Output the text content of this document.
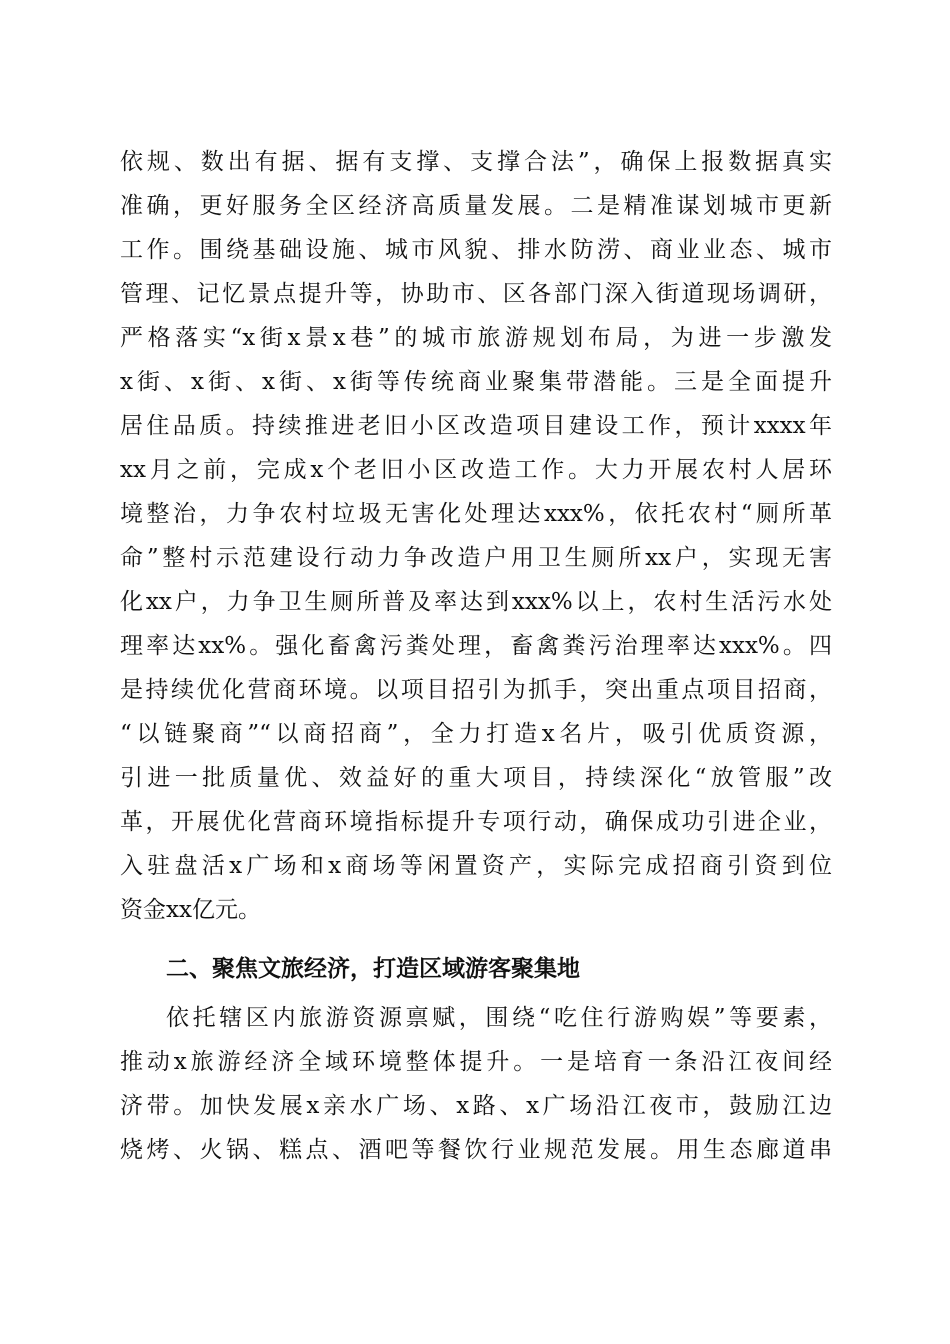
依规、数出有据、据有支撑、支撑合法”，确保上报数据真实
准确，更好服务全区经济高质量发展。二是精准谋划城市更新
工作。围绕基础设施、城市风貌、排水防涝、商业业态、城市
管理、记忆景点提升等，协助市、区各部门深入街道现场调研，
严格落实“x街x景x巷”的城市旅游规划布局，为进一步激发
x街、x街、x街、x街等传统商业聚集带潜能。三是全面提升
居住品质。持续推进老旧小区改造项目建设工作，预计xxxx年
xx月之前，完成x个老旧小区改造工作。大力开展农村人居环
境整治，力争农村垃圾无害化处理达xxx%，依托农村“厕所革
命”整村示范建设行动力争改造户用卫生厕所xx户，实现无害
化xx户，力争卫生厕所普及率达到xxx%以上，农村生活污水处
理率达xx%。强化畜禽污粪处理，畜禽粪污治理率达xxx%。四
是持续优化营商环境。以项目招引为抓手，突出重点项目招商，
“以链聚商”“以商招商”，全力打造x名片，吸引优质资源，
引进一批质量优、效益好的重大项目，持续深化“放管服”改
革，开展优化营商环境指标提升专项行动，确保成功引进企业，
入驻盘活x广场和x商场等闲置资产，实际完成招商引资到位
资金xx亿元。
二、聚焦文旅经济，打造区域游客聚集地
依托辖区内旅游资源禀赋，围绕“吃住行游购娱”等要素，
推动x旅游经济全域环境整体提升。一是培育一条沿江夜间经
济带。加快发展x亲水广场、x路、x广场沿江夜市，鼓励江边
烧烤、火锅、糕点、酒吧等餐饮行业规范发展。用生态廊道串
